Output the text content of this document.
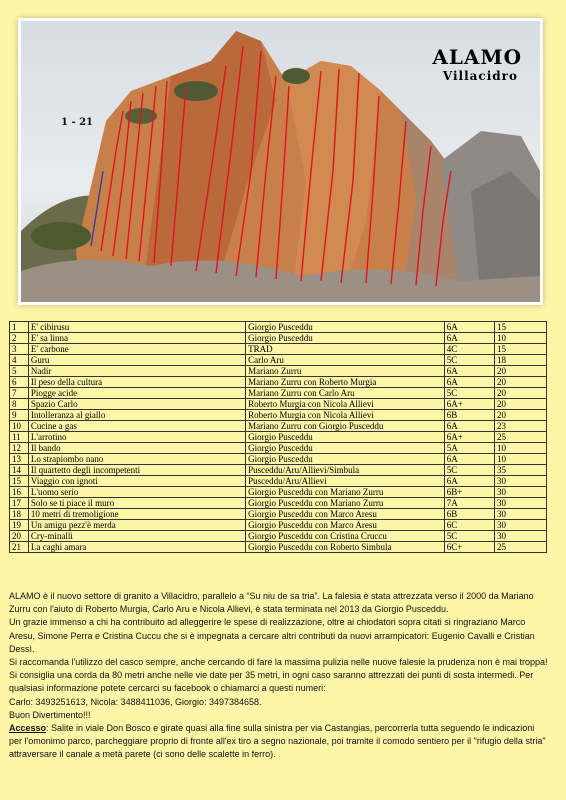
ALAMO
Villacidro
1 - 21
1	E' cibirusu	Giorgio Pusceddu	6A	15
2	E' sa linna	Giorgio Pusceddu	6A	10
3	E' carbone	TRAD	4C	15
4	Guru	Carlo Aru	5C	18
5	Nadir	Mariano Zurru	6A	20
6	Il peso della cultura	Mariano Zurru con Roberto Murgia	6A	20
7	Piogge acide	Mariano Zurru con Carlo Aru	5C	20
8	Spazio Carlo	Roberto Murgia con Nicola Allievi	6A+	20
9	Intolleranza al giallo	Roberto Murgia con Nicola Allievi	6B	20
10	Cucine a gas	Mariano Zurru con Giorgio Pusceddu	6A	23
11	L'arrotino	Giorgio Pusceddu	6A+	25
12	Il bando	Giorgio Pusceddu	5A	10
13	Lo strapiombo nano	Giorgio Pusceddu	6A	10
14	Il quartetto degli incompetenti	Pusceddu/Aru/Allievi/Simbula	5C	35
15	Viaggio con ignoti	Pusceddu/Aru/Allievi	6A	30
16	L'uomo serio	Giorgio Pusceddu con Mariano Zurru	6B+	30
17	Solo se ti piace il muro	Giorgio Pusceddu con Mariano Zurru	7A	30
18	10 metri di tremoligione	Giorgio Pusceddu con Marco Aresu	6B	30
19	Un amigu pezz'è merda	Giorgio Pusceddu con Marco Aresu	6C	30
20	Cry-minalli	Giorgio Pusceddu con Cristina Cruccu	5C	30
21	La caghi amara	Giorgio Pusceddu con Roberto Simbula	6C+	25

ALAMO è il nuovo settore di granito a Villacidro, parallelo a “Su niu de sa tria”. La falesia è stata attrezzata verso il 2000 da Mariano Zurru con l'aiuto di Roberto Murgia, Carlo Aru e Nicola Allievi, è stata terminata nel 2013 da Giorgio Pusceddu.

Un grazie immenso a chi ha contribuito ad alleggerire le spese di realizzazione, oltre ai chiodatori sopra citati si ringraziano Marco Aresu, Simone Perra e Cristina Cuccu che si è impegnata a cercare altri contributi da nuovi arrampicatori: Eugenio Cavalli e Cristian Dessì.

Si raccomanda l'utilizzo del casco sempre, anche cercando di fare la massima pulizia nelle nuove falesie la prudenza non è mai troppa! Si consiglia una corda da 80 metri anche nelle vie date per 35 metri, in ogni caso saranno attrezzati dei punti di sosta intermedi. Per qualsiasi informazione potete cercarci su facebook o chiamarci a questi numeri:

Carlo: 3493251613, Nicola: 3488411036, Giorgio: 3497384658.

Buon Divertimento!!!

Accesso: Salite in viale Don Bosco e girate quasi alla fine sulla sinistra per via Castangias, percorrerla tutta seguendo le indicazioni per l'omonimo parco, parcheggiare proprio di fronte all'ex tiro a segno nazionale, poi tramite il comodo sentiero per il "rifugio della stria" attraversare il canale a metà parete (ci sono delle scalette in ferro).
